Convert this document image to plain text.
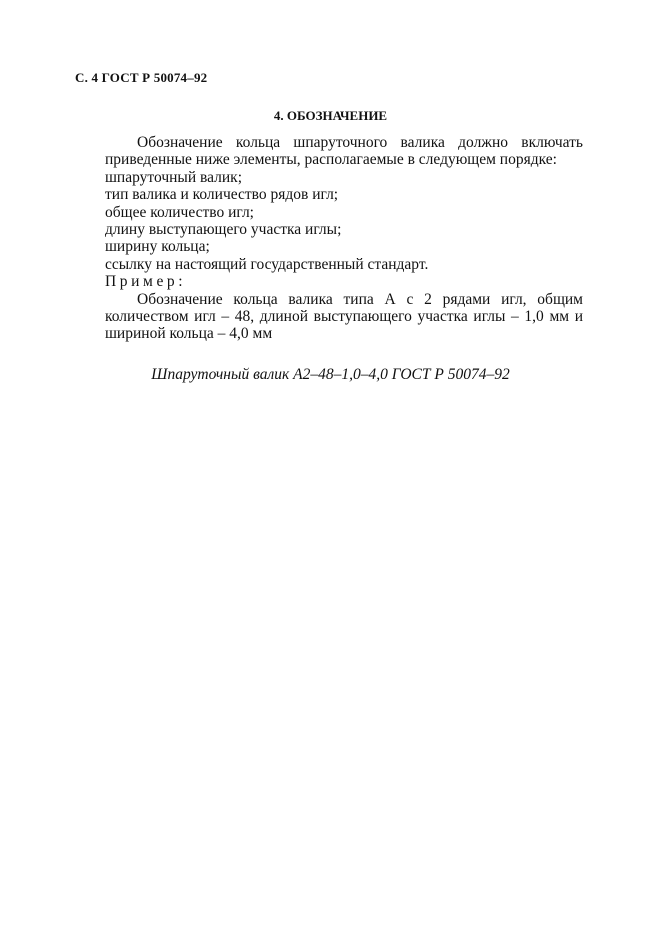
С. 4 ГОСТ Р 50074–92
4. ОБОЗНАЧЕНИЕ

Обозначение кольца шпаруточного валика должно включать приведенные ниже элементы, располагаемые в следующем порядке:

шпаруточный валик;

тип валика и количество рядов игл;

общее количество игл;

длину выступающего участка иглы;

ширину кольца;

ссылку на настоящий государственный стандарт.

Пример:

Обозначение кольца валика типа А с 2 рядами игл, общим количеством игл – 48, длиной выступающего участка иглы – 1,0 мм и шириной кольца – 4,0 мм

Шпаруточный валик А2–48–1,0–4,0 ГОСТ Р 50074–92
